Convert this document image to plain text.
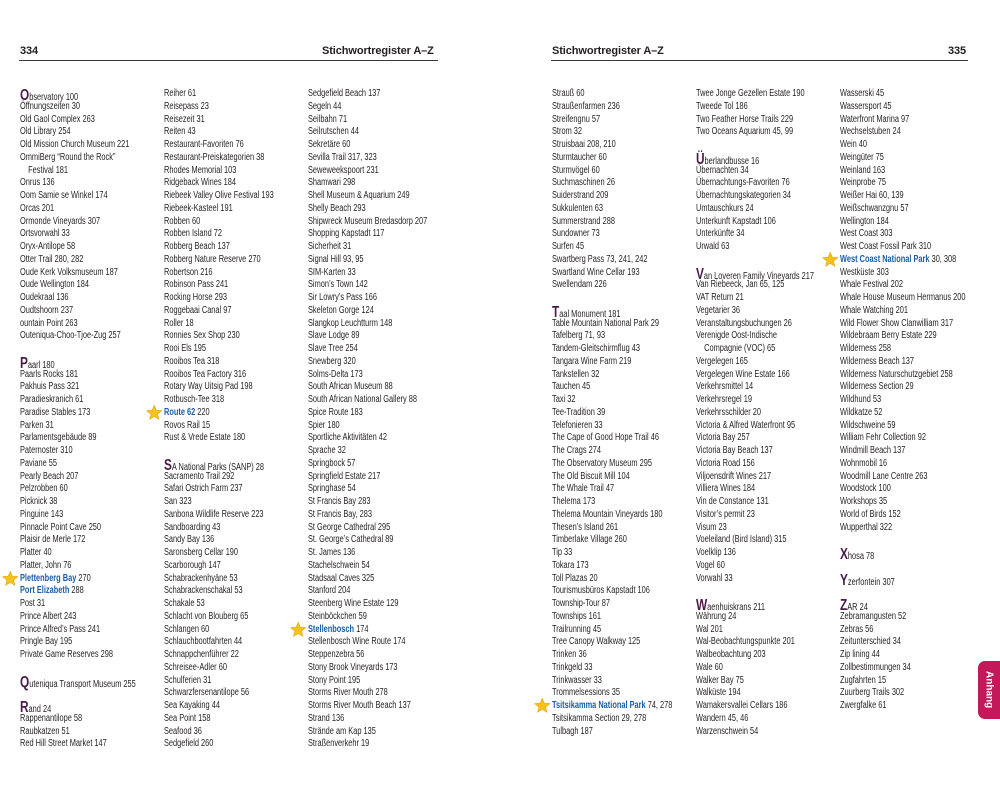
334	Stichwortregister A–Z
Observatory 100
Öffnungszeiten 30
Old Gaol Complex 263
Old Library 254
Old Mission Church Museum 221
OmmiBerg “Round the Rock”
Festival 181
Onrus 136
Oom Samie se Winkel 174
Orcas 201
Ormonde Vineyards 307
Ortsvorwahl 33
Oryx-Antilope 58
Otter Trail 280, 282
Oude Kerk Volksmuseum 187
Oude Wellington 184
Oudekraal 136
Oudtshoorn 237
ountain Point 263
Outeniqua-Choo-Tjoe-Zug 257
Paarl 180
Paarls Rocks 181
Pakhuis Pass 321
Paradieskranich 61
Paradise Stables 173
Parken 31
Parlamentsgebäude 89
Paternoster 310
Paviane 55
Pearly Beach 207
Pelzrobben 60
Picknick 38
Pinguine 143
Pinnacle Point Cave 250
Plaisir de Merle 172
Platter 40
Platter, John 76
Plettenberg Bay 270
Port Elizabeth 288
Post 31
Prince Albert 243
Prince Alfred’s Pass 241
Pringle Bay 195
Private Game Reserves 298
Quteniqua Transport Museum 255
Rand 24
Rappenantilope 58
Raubkatzen 51
Red Hill Street Market 147
Reiher 61
Reisepass 23
Reisezeit 31
Reiten 43
Restaurant-Favoriten 76
Restaurant-Preiskategorien 38
Rhodes Memorial 103
Ridgeback Wines 184
Riebeek Valley Olive Festival 193
Riebeek-Kasteel 191
Robben 60
Robben Island 72
Robberg Beach 137
Robberg Nature Reserve 270
Robertson 216
Robinson Pass 241
Rocking Horse 293
Roggebaai Canal 97
Roller 18
Ronnies Sex Shop 230
Rooi Els 195
Rooibos Tea 318
Rooibos Tea Factory 316
Rotary Way Uitsig Pad 198
Rotbusch-Tee 318
Route 62 220
Rovos Rail 15
Rust & Vrede Estate 180
SA National Parks (SANP) 28
Sacramento Trail 292
Safari Ostrich Farm 237
San 323
Sanbona Wildlife Reserve 223
Sandboarding 43
Sandy Bay 136
Saronsberg Cellar 190
Scarborough 147
Schabrackenhyäne 53
Schabrackenschakal 53
Schakale 53
Schlacht von Blouberg 65
Schlangen 60
Schlauchbootfahrten 44
Schnappchenführer 22
Schreisee-Adler 60
Schulferien 31
Schwarzfersenantilope 56
Sea Kayaking 44
Sea Point 158
Seafood 36
Sedgefield 260
Sedgefield Beach 137
Segeln 44
Seilbahn 71
Seilrutschen 44
Sekretäre 60
Sevilla Trail 317, 323
Seweweekspoort 231
Shamwari 298
Shell Museum & Aquarium 249
Shelly Beach 293
Shipwreck Museum Bredasdorp 207
Shopping Kapstadt 117
Sicherheit 31
Signal Hill 93, 95
SIM-Karten 33
Simon’s Town 142
Sir Lowry’s Pass 166
Skeleton Gorge 124
Slangkop Leuchtturm 148
Slave Lodge 89
Slave Tree 254
Snewberg 320
Solms-Delta 173
South African Museum 88
South African National Gallery 88
Spice Route 183
Spier 180
Sportliche Aktivitäten 42
Sprache 32
Springbock 57
Springfield Estate 217
Springhase 54
St Francis Bay 283
St Francis Bay, 283
St George Cathedral 295
St. George’s Cathedral 89
St. James 136
Stachelschwein 54
Stadsaal Caves 325
Stanford 204
Steenberg Wine Estate 129
Steinböckchen 59
Stellenbosch 174
Stellenbosch Wine Route 174
Steppenzebra 56
Stony Brook Vineyards 173
Stony Point 195
Storms River Mouth 278
Storms River Mouth Beach 137
Strand 136
Strände am Kap 135
Straßenverkehr 19
Stichwortregister A–Z	335
Strauß 60
Straußenfarmen 236
Streifengnu 57
Strom 32
Struisbaai 208, 210
Sturmtaucher 60
Sturmvögel 60
Suchmaschinen 26
Suiderstrand 209
Sukkulenten 63
Summerstrand 288
Sundowner 73
Surfen 45
Swartberg Pass 73, 241, 242
Swartland Wine Cellar 193
Swellendam 226
Taal Monument 181
Table Mountain National Park 29
Tafelberg 71, 93
Tandem-Gleitschirmflug 43
Tangara Wine Farm 219
Tankstellen 32
Tauchen 45
Taxi 32
Tee-Tradition 39
Telefonieren 33
The Cape of Good Hope Trail 46
The Crags 274
The Observatory Museum 295
The Old Biscuit Mill 104
The Whale Trail 47
Thelema 173
Thelema Mountain Vineyards 180
Thesen’s Island 261
Timberlake Village 260
Tip 33
Tokara 173
Toll Plazas 20
Tourismusbüros Kapstadt 106
Township-Tour 87
Townships 161
Trailrunning 45
Tree Canopy Walkway 125
Trinken 36
Trinkgeld 33
Trinkwasser 33
Trommelsessions 35
Tsitsikamma National Park 74, 278
Tsitsikamma Section 29, 278
Tulbagh 187
Twee Jonge Gezellen Estate 190
Tweede Tol 186
Two Feather Horse Trails 229
Two Oceans Aquarium 45, 99
Überlandbusse 16
Übernachten 34
Übernachtungs-Favoriten 76
Übernachtungskategorien 34
Umtauschkurs 24
Unterkunft Kapstadt 106
Unterkünfte 34
Urwald 63
Van Loveren Family Vineyards 217
Van Riebeeck, Jan 65, 125
VAT Return 21
Vegetarier 36
Veranstaltungsbuchungen 26
Verenigde Oost-Indische
Compagnie (VOC) 65
Vergelegen 165
Vergelegen Wine Estate 166
Verkehrsmittel 14
Verkehrsregel 19
Verkehrsschilder 20
Victoria & Alfred Waterfront 95
Victoria Bay 257
Victoria Bay Beach 137
Victoria Road 156
Viljoensdrift Wines 217
Villiera Wines 184
Vin de Constance 131
Visitor’s permit 23
Visum 23
Voeleiland (Bird Island) 315
Voelklip 136
Vogel 60
Vorwahl 33
Waenhuiskrans 211
Währung 24
Wal 201
Wal-Beobachtungspunkte 201
Walbeobachtung 203
Wale 60
Walker Bay 75
Walküste 194
Wamakersvallei Cellars 186
Wandern 45, 46
Warzenschwein 54
Wasserski 45
Wassersport 45
Waterfront Marina 97
Wechselstuben 24
Wein 40
Weingüter 75
Weinland 163
Weinprobe 75
Weißer Hai 60, 139
Weißschwanzgnu 57
Wellington 184
West Coast 303
West Coast Fossil Park 310
West Coast National Park 30, 308
Westküste 303
Whale Festival 202
Whale House Museum Hermanus 200
Whale Watching 201
Wild Flower Show Clanwilliam 317
Wildebraam Berry Estate 229
Wilderness 258
Wilderness Beach 137
Wilderness Naturschutzgebiet 258
Wilderness Section 29
Wildhund 53
Wildkatze 52
Wildschweine 59
William Fehr Collection 92
Windmill Beach 137
Wohnmobil 16
Woodmill Lane Centre 263
Woodstock 100
Workshops 35
World of Birds 152
Wupperthal 322
Xhosa 78
Yzerfontein 307
ZAR 24
Zebramangusten 52
Zebras 56
Zeitunterschied 34
Zip lining 44
Zollbestimmungen 34
Zugfahrten 15
Zuurberg Trails 302
Zwergfalke 61	Anhang
